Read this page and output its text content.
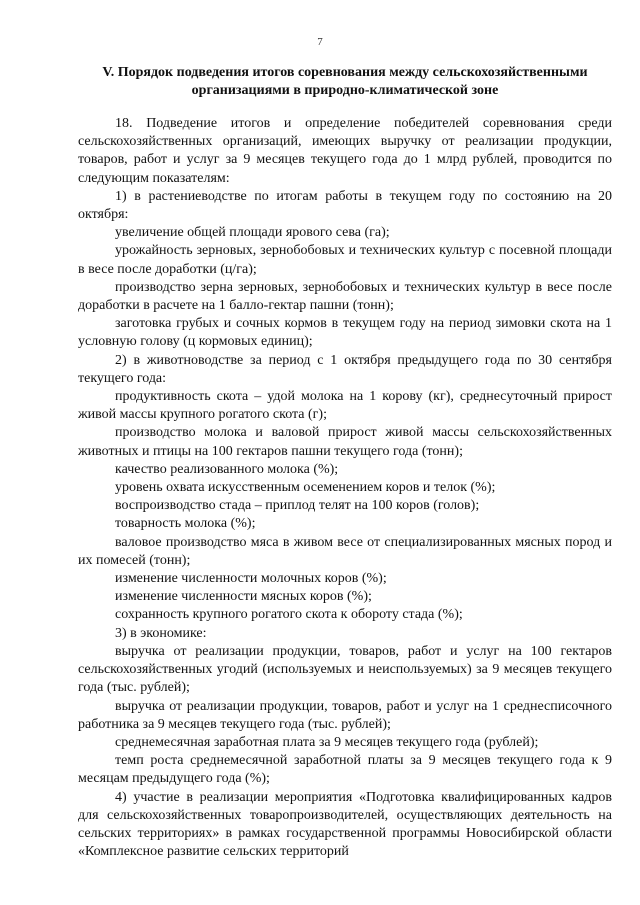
7
V. Порядок подведения итогов соревнования между сельскохозяйственными
организациями в природно-климатической зоне

18. Подведение итогов и определение победителей соревнования среди сельскохозяйственных организаций, имеющих выручку от реализации продукции, товаров, работ и услуг за 9 месяцев текущего года до 1 млрд рублей, проводится по следующим показателям:

1) в растениеводстве по итогам работы в текущем году по состоянию на 20 октября:

увеличение общей площади ярового сева (га);

урожайность зерновых, зернобобовых и технических культур с посевной площади в весе после доработки (ц/га);

производство зерна зерновых, зернобобовых и технических культур в весе после доработки в расчете на 1 балло-гектар пашни (тонн);

заготовка грубых и сочных кормов в текущем году на период зимовки скота на 1 условную голову (ц кормовых единиц);

2) в животноводстве за период с 1 октября предыдущего года по 30 сентября текущего года:

продуктивность скота – удой молока на 1 корову (кг), среднесуточный прирост живой массы крупного рогатого скота (г);

производство молока и валовой прирост живой массы сельскохозяйственных животных и птицы на 100 гектаров пашни текущего года (тонн);

качество реализованного молока (%);

уровень охвата искусственным осеменением коров и телок (%);

воспроизводство стада – приплод телят на 100 коров (голов);

товарность молока (%);

валовое производство мяса в живом весе от специализированных мясных пород и их помесей (тонн);

изменение численности молочных коров (%);

изменение численности мясных коров (%);

сохранность крупного рогатого скота к обороту стада (%);

3) в экономике:

выручка от реализации продукции, товаров, работ и услуг на 100 гектаров сельскохозяйственных угодий (используемых и неиспользуемых) за 9 месяцев текущего года (тыс. рублей);

выручка от реализации продукции, товаров, работ и услуг на 1 среднесписочного работника за 9 месяцев текущего года (тыс. рублей);

среднемесячная заработная плата за 9 месяцев текущего года (рублей);

темп роста среднемесячной заработной платы за 9 месяцев текущего года к 9 месяцам предыдущего года (%);

4) участие в реализации мероприятия «Подготовка квалифицированных кадров для сельскохозяйственных товаропроизводителей, осуществляющих деятельность на сельских территориях» в рамках государственной программы Новосибирской области «Комплексное развитие сельских территорий
